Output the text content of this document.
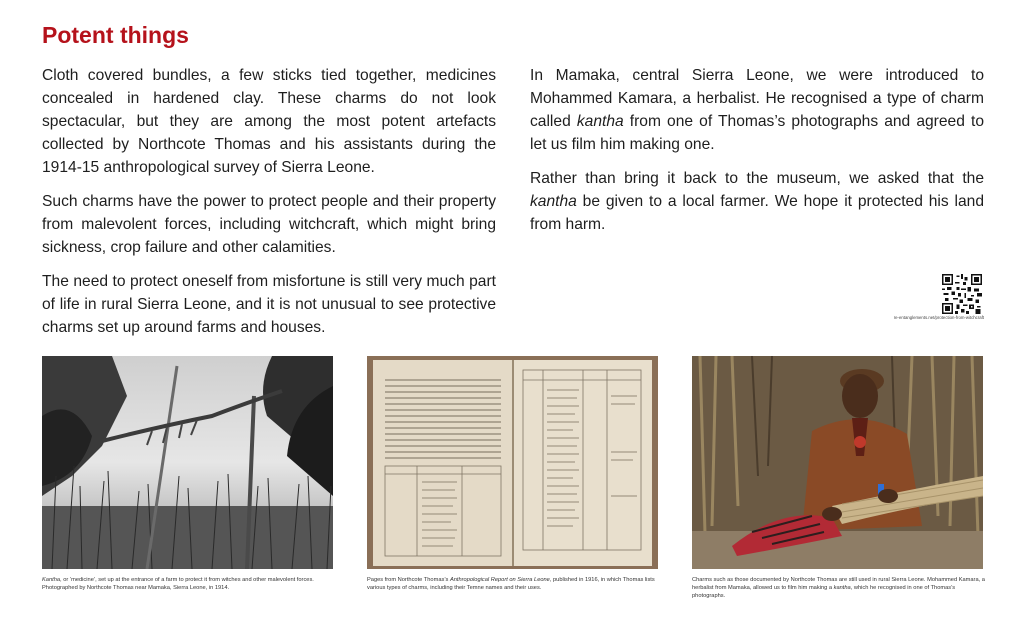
Potent things

Cloth covered bundles, a few sticks tied together, medicines concealed in hardened clay. These charms do not look spectacular, but they are among the most potent artefacts collected by Northcote Thomas and his assistants during the 1914-15 anthropological survey of Sierra Leone.

Such charms have the power to protect people and their property from malevolent forces, including witchcraft, which might bring sickness, crop failure and other calamities.

The need to protect oneself from misfortune is still very much part of life in rural Sierra Leone, and it is not unusual to see protective charms set up around farms and houses.

In Mamaka, central Sierra Leone, we were introduced to Mohammed Kamara, a herbalist. He recognised a type of charm called kantha from one of Thomas’s photographs and agreed to let us film him making one.

Rather than bring it back to the museum, we asked that the kantha be given to a local farmer. We hope it protected his land from harm.

re-entanglements.net/protection-from-witchcraft
Kantha, or ‘medicine’, set up at the entrance of a farm to protect it from witches and other malevolent forces. Photographed by Northcote Thomas near Mamaka, Sierra Leone, in 1914.
Pages from Northcote Thomas’s Anthropological Report on Sierra Leone, published in 1916, in which Thomas lists various types of charms, including their Temne names and their uses.
Charms such as those documented by Northcote Thomas are still used in rural Sierra Leone. Mohammed Kamara, a herbalist from Mamaka, allowed us to film him making a kantha, which he recognised in one of Thomas’s photographs.
